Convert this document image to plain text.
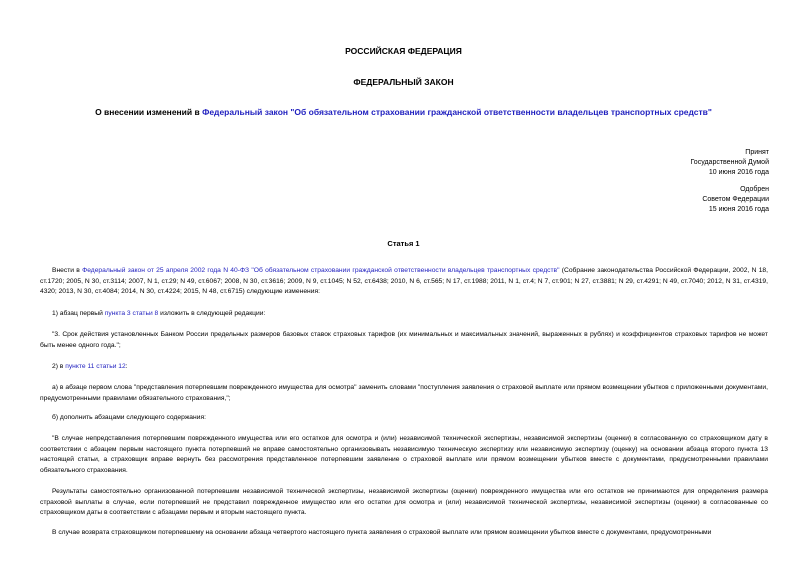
РОССИЙСКАЯ ФЕДЕРАЦИЯ
ФЕДЕРАЛЬНЫЙ ЗАКОН
О внесении изменений в Федеральный закон "Об обязательном страховании гражданской ответственности владельцев транспортных средств"
Принят
Государственной Думой
10 июня 2016 года
Одобрен
Советом Федерации
15 июня 2016 года
Статья 1
Внести в Федеральный закон от 25 апреля 2002 года N 40-ФЗ "Об обязательном страховании гражданской ответственности владельцев транспортных средств" (Собрание законодательства Российской Федерации, 2002, N 18, ст.1720; 2005, N 30, ст.3114; 2007, N 1, ст.29; N 49, ст.6067; 2008, N 30, ст.3616; 2009, N 9, ст.1045; N 52, ст.6438; 2010, N 6, ст.565; N 17, ст.1988; 2011, N 1, ст.4; N 7, ст.901; N 27, ст.3881; N 29, ст.4291; N 49, ст.7040; 2012, N 31, ст.4319, 4320; 2013, N 30, ст.4084; 2014, N 30, ст.4224; 2015, N 48, ст.6715) следующие изменения:
1) абзац первый пункта 3 статьи 8 изложить в следующей редакции:
"3. Срок действия установленных Банком России предельных размеров базовых ставок страховых тарифов (их минимальных и максимальных значений, выраженных в рублях) и коэффициентов страховых тарифов не может быть менее одного года.";
2) в пункте 11 статьи 12:
а) в абзаце первом слова "представления потерпевшим поврежденного имущества для осмотра" заменить словами "поступления заявления о страховой выплате или прямом возмещении убытков с приложенными документами, предусмотренными правилами обязательного страхования,";
б) дополнить абзацами следующего содержания:
"В случае непредставления потерпевшим поврежденного имущества или его остатков для осмотра и (или) независимой технической экспертизы, независимой экспертизы (оценки) в согласованную со страховщиком дату в соответствии с абзацем первым настоящего пункта потерпевший не вправе самостоятельно организовывать независимую техническую экспертизу или независимую экспертизу (оценку) на основании абзаца второго пункта 13 настоящей статьи, а страховщик вправе вернуть без рассмотрения представленное потерпевшим заявление о страховой выплате или прямом возмещении убытков вместе с документами, предусмотренными правилами обязательного страхования.
Результаты самостоятельно организованной потерпевшим независимой технической экспертизы, независимой экспертизы (оценки) поврежденного имущества или его остатков не принимаются для определения размера страховой выплаты в случае, если потерпевший не представил поврежденное имущество или его остатки для осмотра и (или) независимой технической экспертизы, независимой экспертизы (оценки) в согласованные со страховщиком даты в соответствии с абзацами первым и вторым настоящего пункта.
В случае возврата страховщиком потерпевшему на основании абзаца четвертого настоящего пункта заявления о страховой выплате или прямом возмещении убытков вместе с документами, предусмотренными
